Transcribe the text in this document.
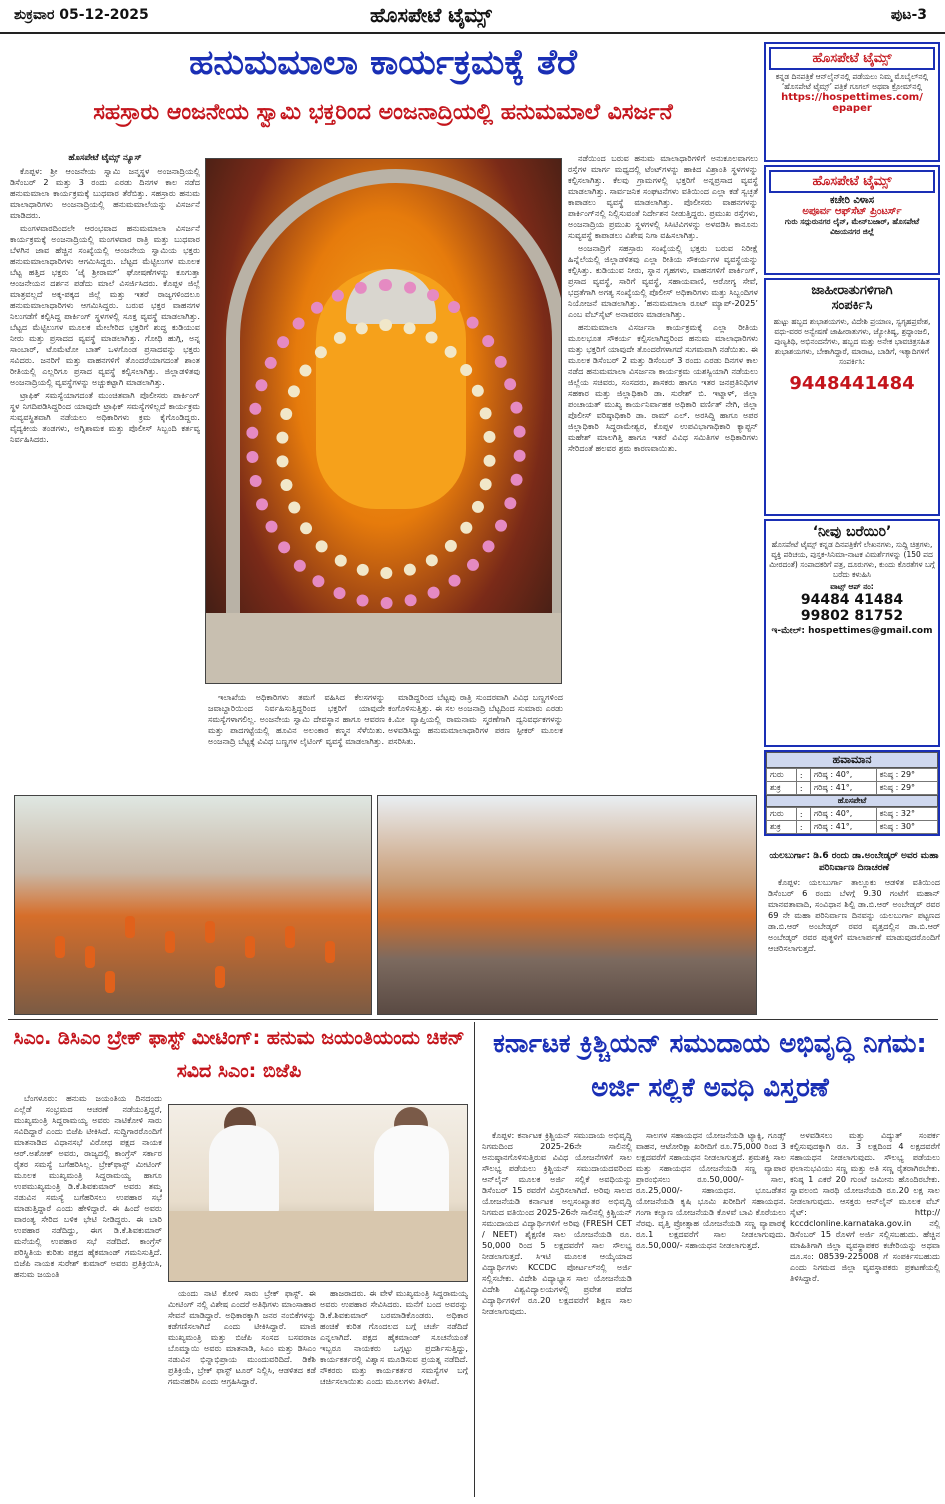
ಶುಕ್ರವಾರ 05-12-2025	ಹೊಸಪೇಟೆ ಟೈಮ್ಸ್	ಪುಟ-3
ಹನುಮಮಾಲಾ ಕಾರ್ಯಕ್ರಮಕ್ಕೆ ತೆರೆ
ಸಹಸ್ರಾರು ಆಂಜನೇಯ ಸ್ವಾಮಿ ಭಕ್ತರಿಂದ ಅಂಜನಾದ್ರಿಯಲ್ಲಿ ಹನುಮಮಾಲೆ ವಿಸರ್ಜನೆ
ಹೊಸಪೇಟೆ ಟೈಮ್ಸ್ ನ್ಯೂಸ್

ಕೊಪ್ಪಳ: ಶ್ರೀ ಆಂಜನೇಯ ಸ್ವಾಮಿ ಜನ್ಮಸ್ಥಳ ಅಂಜನಾದ್ರಿಯಲ್ಲಿ ಡಿಸೆಂಬರ್ 2 ಮತ್ತು 3 ರಂದು ಎರಡು ದಿನಗಳ ಕಾಲ ನಡೆದ ಹನುಮಮಾಲಾ ಕಾರ್ಯಕ್ರಮಕ್ಕೆ ಬುಧವಾರ ತೆರೆಬಿತ್ತು. ಸಹಸ್ರಾರು ಹನುಮ ಮಾಲಾಧಾರಿಗಳು ಅಂಜನಾದ್ರಿಯಲ್ಲಿ ಹನುಮಮಾಲೆಯನ್ನು ವಿಸರ್ಜನೆ ಮಾಡಿದರು.

ಮಂಗಳವಾರದಿಂದಲೇ ಆರಂಭವಾದ ಹನುಮಮಾಲಾ ವಿಸರ್ಜನೆ ಕಾರ್ಯಕ್ರಮಕ್ಕೆ ಅಂಜನಾದ್ರಿಯಲ್ಲಿ ಮಂಗಳವಾರ ರಾತ್ರಿ ಮತ್ತು ಬುಧವಾರ ಬೆಳಗಿನ ಜಾವ ಹೆಚ್ಚಿನ ಸಂಖ್ಯೆಯಲ್ಲಿ ಆಂಜನೇಯ ಸ್ವಾಮಿಯ ಭಕ್ತರು ಹನುಮಮಾಲಾಧಾರಿಗಳು ಆಗಮಿಸಿದ್ದರು. ಬೆಟ್ಟದ ಮೆಟ್ಟಿಲುಗಳ ಮೂಲಕ ಬೆಟ್ಟ ಹತ್ತಿದ ಭಕ್ತರು ‘ಜೈ ಶ್ರೀರಾಮ್’ ಘೋಷಣೆಗಳನ್ನು ಕೂಗುತ್ತಾ ಆಂಜನೇಯನ ದರ್ಶನ ಪಡೆದು ಮಾಲೆ ವಿಸರ್ಜಿಸಿದರು. ಕೊಪ್ಪಳ ಜಿಲ್ಲೆ ಮಾತ್ರವಲ್ಲದೆ ಅಕ್ಕ-ಪಕ್ಕದ ಜಿಲ್ಲೆ ಮತ್ತು ಇತರೆ ರಾಜ್ಯಗಳಿಂದಲೂ ಹನುಮಮಾಲಾಧಾರಿಗಳು ಆಗಮಿಸಿದ್ದರು. ಬರುವ ಭಕ್ತರ ವಾಹನಗಳ ನಿಲುಗಡೆಗೆ ಕಲ್ಪಿಸಿದ್ದ ಪಾರ್ಕಿಂಗ್ ಸ್ಥಳಗಳಲ್ಲಿ ಸೂಕ್ತ ವ್ಯವಸ್ಥೆ ಮಾಡಲಾಗಿತ್ತು. ಬೆಟ್ಟದ ಮೆಟ್ಟಿಲುಗಳ ಮೂಲಕ ಮೇಲೇರಿದ ಭಕ್ತರಿಗೆ ಶುದ್ಧ ಕುಡಿಯುವ ನೀರು ಮತ್ತು ಪ್ರಸಾದದ ವ್ಯವಸ್ಥೆ ಮಾಡಲಾಗಿತ್ತು. ಗೋಧಿ ಹುಗ್ಗಿ, ಅನ್ನ ಸಾಂಬಾರ್, ಟೊಮೆಟೋ ಬಾತ್ ಒಳಗೊಂಡ ಪ್ರಸಾದವನ್ನು ಭಕ್ತರು ಸವಿದರು. ಜನರಿಗೆ ಮತ್ತು ವಾಹನಗಳಿಗೆ ತೊಂದರೆಯಾಗದಂತೆ ಶಾಂತ ರೀತಿಯಲ್ಲಿ ಎಲ್ಲರಿಗೂ ಪ್ರಸಾದ ವ್ಯವಸ್ಥೆ ಕಲ್ಪಿಸಲಾಗಿತ್ತು. ಜಿಲ್ಲಾಡಳಿತವು ಅಂಜನಾದ್ರಿಯಲ್ಲಿ ವ್ಯವಸ್ಥೆಗಳನ್ನು ಅಚ್ಚುಕಟ್ಟಾಗಿ ಮಾಡಲಾಗಿತ್ತು.

ಟ್ರಾಫಿಕ್ ಸಮಸ್ಯೆಯಾಗದಂತೆ ಮುಂಚಿತವಾಗಿ ಪೊಲೀಸರು ಪಾರ್ಕಿಂಗ್ ಸ್ಥಳ ನಿಗದಿಪಡಿಸಿದ್ದರಿಂದ ಯಾವುದೇ ಟ್ರಾಫಿಕ್ ಸಮಸ್ಯೆಗಳಿಲ್ಲದೆ ಕಾರ್ಯಕ್ರಮ ಸುವ್ಯವಸ್ಥಿತವಾಗಿ ನಡೆಯಲು ಅಧಿಕಾರಿಗಳು ಕ್ರಮ ಕೈಗೊಂಡಿದ್ದರು. ವೈದ್ಯಕೀಯ ತಂಡಗಳು, ಅಗ್ನಿಶಾಮಕ ಮತ್ತು ಪೊಲೀಸ್ ಸಿಬ್ಬಂದಿ ಕರ್ತವ್ಯ ನಿರ್ವಹಿಸಿದರು.

ಇಲಾಖೆಯ ಅಧಿಕಾರಿಗಳು ತಮಗೆ ವಹಿಸಿದ ಕೆಲಸಗಳನ್ನು ಜವಾಬ್ದಾರಿಯಿಂದ ನಿರ್ವಹಿಸುತ್ತಿದ್ದರಿಂದ ಭಕ್ತರಿಗೆ ಯಾವುದೇ ಸಮಸ್ಯೆಗಳಾಗಲಿಲ್ಲ. ಅಂಜನೇಯ ಸ್ವಾಮಿ ದೇವಸ್ಥಾನ ಹಾಗೂ ಆವರಣ ಮತ್ತು ಪಾದಗಟ್ಟೆಯಲ್ಲಿ ಹೂವಿನ ಅಲಂಕಾರ ಕಣ್ಮನ ಸೆಳೆಯಿತು. ಅಂಜನಾದ್ರಿ ಬೆಟ್ಟಕ್ಕೆ ವಿವಿಧ ಬಣ್ಣಗಳ ಲೈಟಿಂಗ್ ವ್ಯವಸ್ಥೆ ಮಾಡಲಾಗಿತ್ತು.

ಮಾಡಿದ್ದರಿಂದ ಬೆಟ್ಟವು ರಾತ್ರಿ ಸುಂದರವಾಗಿ ವಿವಿಧ ಬಣ್ಣಗಳಿಂದ ಕಂಗೊಳಿಸುತ್ತಿತ್ತು. ಈ ಸಲ ಅಂಜನಾದ್ರಿ ಬೆಟ್ಟದಿಂದ ಸುಮಾರು ಎರಡು ಕಿ.ಮೀ ವ್ಯಾಪ್ತಿಯಲ್ಲಿ ರಾಮನಾಮ ಸ್ಮರಣೆಗಾಗಿ ದ್ವನಿವರ್ಧಕಗಳನ್ನು ಅಳವಡಿಸಿದ್ದು ಹನುಮಮಾಲಾಧಾರಿಗಳ ಪಠಣ ಸ್ಪೀಕರ್ ಮೂಲಕ ಪಸರಿಸಿತು.

ನಡೆಯಿಂದ ಬರುವ ಹನುಮ ಮಾಲಾಧಾರಿಗಳಿಗೆ ಅನುಕೂಲವಾಗಲು ರಸ್ತೆಗಳ ಮಾರ್ಗ ಮಧ್ಯದಲ್ಲಿ ಟೆಂಟ್‌ಗಳನ್ನು ಹಾಕಿದ ವಿಶ್ರಾಂತಿ ಸ್ಥಳಗಳನ್ನು ಕಲ್ಪಿಸಲಾಗಿತ್ತು. ಕೆಲವು ಗ್ರಾಮಗಳಲ್ಲಿ ಭಕ್ತರಿಗೆ ಅನ್ನಪ್ರಸಾದ ವ್ಯವಸ್ಥೆ ಮಾಡಲಾಗಿತ್ತು. ಸಾರ್ವಜನಿಕ ಸಂಘಟನೆಗಳು ವತಿಯಿಂದ ಎಲ್ಲಾ ಕಡೆ ಸ್ವಚ್ಛತೆ ಕಾಪಾಡಲು ವ್ಯವಸ್ಥೆ ಮಾಡಲಾಗಿತ್ತು. ಪೊಲೀಸರು ವಾಹನಗಳನ್ನು ಪಾರ್ಕಿಂಗ್‌ನಲ್ಲಿ ನಿಲ್ಲಿಸುವಂತೆ ನಿರ್ದೇಶನ ನೀಡುತ್ತಿದ್ದರು. ಪ್ರಮುಖ ರಸ್ತೆಗಳು, ಅಂಜನಾದ್ರಿಯ ಪ್ರಮುಖ ಸ್ಥಳಗಳಲ್ಲಿ ಸಿಸಿಟಿವಿಗಳನ್ನು ಅಳವಡಿಸಿ ಕಾನೂನು ಸುವ್ಯವಸ್ಥೆ ಕಾಪಾಡಲು ವಿಶೇಷ ನಿಗಾ ವಹಿಸಲಾಗಿತ್ತು.

ಅಂಜನಾದ್ರಿಗೆ ಸಹಸ್ರಾರು ಸಂಖ್ಯೆಯಲ್ಲಿ ಭಕ್ತರು ಬರುವ ನಿರೀಕ್ಷೆ ಹಿನ್ನೆಲೆಯಲ್ಲಿ ಜಿಲ್ಲಾಡಳಿತವು ಎಲ್ಲಾ ರೀತಿಯ ಸೌಕರ್ಯಗಳ ವ್ಯವಸ್ಥೆಯನ್ನು ಕಲ್ಪಿಸಿತ್ತು. ಕುಡಿಯುವ ನೀರು, ಸ್ನಾನ ಗೃಹಗಳು, ವಾಹನಗಳಿಗೆ ಪಾರ್ಕಿಂಗ್, ಪ್ರಸಾದ ವ್ಯವಸ್ಥೆ, ಸಾರಿಗೆ ವ್ಯವಸ್ಥೆ, ಸಹಾಯವಾಣಿ, ಆರೋಗ್ಯ ಸೇವೆ, ಭದ್ರತೆಗಾಗಿ ಅಗತ್ಯ ಸಂಖ್ಯೆಯಲ್ಲಿ ಪೊಲೀಸ್ ಅಧಿಕಾರಿಗಳು ಮತ್ತು ಸಿಬ್ಬಂದಿಗಳ ನಿಯೋಜನೆ ಮಾಡಲಾಗಿತ್ತು. ‘ಹನುಮಮಾಲಾ ರೂಟ್ ಮ್ಯಾಪ್-2025’ ಎಂಬ ವೆಬ್‌ಸೈಟ್ ಅನಾವರಣ ಮಾಡಲಾಗಿತ್ತು.

ಹನುಮಮಾಲಾ ವಿಸರ್ಜನಾ ಕಾರ್ಯಕ್ರಮಕ್ಕೆ ಎಲ್ಲಾ ರೀತಿಯ ಮೂಲಭೂತ ಸೌಕರ್ಯ ಕಲ್ಪಿಸಲಾಗಿದ್ದರಿಂದ ಹನುಮ ಮಾಲಾಧಾರಿಗಳು ಮತ್ತು ಭಕ್ತರಿಗೆ ಯಾವುದೇ ತೊಂದರೆಗಳಾಗದೆ ಸುಗಮವಾಗಿ ನಡೆಯಿತು. ಈ ಮೂಲಕ ಡಿಸೆಂಬರ್ 2 ಮತ್ತು ಡಿಸೆಂಬರ್ 3 ರಂದು ಎರಡು ದಿನಗಳ ಕಾಲ ನಡೆದ ಹನುಮಮಾಲಾ ವಿಸರ್ಜನಾ ಕಾರ್ಯಕ್ರಮ ಯಶಸ್ವಿಯಾಗಿ ನಡೆಯಲು ಜಿಲ್ಲೆಯ ಸಚಿವರು, ಸಂಸದರು, ಶಾಸಕರು ಹಾಗೂ ಇತರ ಜನಪ್ರತಿನಿಧಿಗಳ ಸಹಕಾರ ಮತ್ತು ಜಿಲ್ಲಾಧಿಕಾರಿ ಡಾ. ಸುರೇಶ್ ಬಿ. ಇಟ್ನಾಳ್, ಜಿಲ್ಲಾ ಪಂಚಾಯತ್ ಮುಖ್ಯ ಕಾರ್ಯನಿರ್ವಾಹಕ ಅಧಿಕಾರಿ ವರ್ಣಿತ್ ನೇಗಿ, ಜಿಲ್ಲಾ ಪೊಲೀಸ್ ವರಿಷ್ಠಾಧಿಕಾರಿ ಡಾ. ರಾಮ್ ಎಲ್. ಅರಸಿದ್ದಿ ಹಾಗೂ ಅಪರ ಜಿಲ್ಲಾಧಿಕಾರಿ ಸಿದ್ಧರಾಮೇಶ್ವರ, ಕೊಪ್ಪಳ ಉಪವಿಭಾಗಾಧಿಕಾರಿ ಕ್ಯಾಪ್ಟನ್ ಮಹೇಶ್ ಮಾಲಗಿತ್ತಿ ಹಾಗೂ ಇತರೆ ವಿವಿಧ ಸಮಿತಿಗಳ ಅಧಿಕಾರಿಗಳು ಸೇರಿದಂತೆ ಹಲವರ ಶ್ರಮ ಕಾರಣವಾಯಿತು.

ಹೊಸಪೇಟೆ ಟೈಮ್ಸ್
ಕನ್ನಡ ದಿನಪತ್ರಿಕೆ ಆನ್‌ಲೈನ್‌ನಲ್ಲಿ ಪಡೆಯಲು ನಿಮ್ಮ ಮೊಬೈಲ್‌ನಲ್ಲಿ ‘ಹೊಸಪೇಟೆ ಟೈಮ್ಸ್’ ಪತ್ರಿಕೆ ಗೂಗಲ್ ಅಥವಾ ಕ್ರೋಮ್‌ನಲ್ಲಿ
https://hospettimes.com/ epaper
ಹೊಸಪೇಟೆ ಟೈಮ್ಸ್
ಕಚೇರಿ ವಿಳಾಸ
ಅಪೂರ್ವ ಆಫ್‌ಸೆಟ್ ಪ್ರಿಂಟರ್ಸ್
ಗುರು ಸದ್ಗುರುನಗರ ಲೈನ್, ಮೇನ್‌ಬಜಾರ್, ಹೊಸಪೇಟೆ ವಿಜಯನಗರ ಜಿಲ್ಲೆ
ಜಾಹೀರಾತುಗಳಿಗಾಗಿ
ಸಂಪರ್ಕಿಸಿ
ಹುಟ್ಟು ಹಬ್ಬದ ಶುಭಾಶಯಗಳು, ವಿದೇಶಿ ಪ್ರಯಾಣ, ಸ್ವಗೃಹಪ್ರವೇಶ, ವಧು-ವರರ ಅನ್ವೇಷಣೆ ಜಾಹೀರಾತುಗಳು, ಜ್ಯೋತಿಷ್ಯ, ಶ್ರದ್ಧಾಂಜಲಿ, ಪುಣ್ಯತಿಥಿ, ಅಭಿನಂದನೆಗಳು, ಹಬ್ಬದ ಮತ್ತು ಅನೇಕ ಭಾವಚಿತ್ರಸಹಿತ ಶುಭಾಶಯಗಳು, ಬೇಕಾಗಿದ್ದಾರೆ, ಮಾರಾಟ, ಬಾಡಿಗೆ, ಇತ್ಯಾದಿಗಳಿಗೆ ಸಂಪರ್ಕಿಸಿ:
9448441484
‘ನೀವು ಬರೆಯಿರಿ’
ಹೊಸಪೇಟೆ ಟೈಮ್ಸ್ ಕನ್ನಡ ದಿನಪತ್ರಿಕೆಗೆ ಲೇಖನಗಳು, ಸುದ್ದಿ ಚಿತ್ರಗಳು, ವ್ಯಕ್ತಿ ಪರಿಚಯ, ಪುಸ್ತಕ-ಸಿನಿಮಾ-ನಾಟಕ ವಿಮರ್ಶೆಗಳನ್ನು (150 ಪದ ಮೀರದಂತೆ) ಸಂಪಾದಕರಿಗೆ ಪತ್ರ, ದೂರುಗಳು, ಕುಂದು ಕೊರತೆಗಳ ಬಗ್ಗೆ ಬರೆದು ಕಳುಹಿಸಿ
ವಾಟ್ಸ್ ಆಪ್ ನಂ:
94484 41484
99802 81752
ಇ-ಮೇಲ್: hospettimes@gmail.com
ಹವಾಮಾನ
ಗುರು	:	ಗರಿಷ್ಠ : 40°,	ಕನಿಷ್ಠ : 29°
ಶುಕ್ರ	:	ಗರಿಷ್ಠ : 41°,	ಕನಿಷ್ಠ : 29°
ಹೊಸಪೇಟೆ
ಗುರು	:	ಗರಿಷ್ಠ : 40°,	ಕನಿಷ್ಠ : 32°
ಶುಕ್ರ	:	ಗರಿಷ್ಠ : 41°,	ಕನಿಷ್ಠ : 30°
ಯಲಬುರ್ಗಾ: ಡಿ.6 ರಂದು ಡಾ.ಅಂಬೇಡ್ಕರ್ ಅವರ ಮಹಾ ಪರಿನಿರ್ವಾಣ ದಿನಾಚರಣೆ

ಕೊಪ್ಪಳ: ಯಲಬುರ್ಗಾ ತಾಲ್ಲೂಕು ಆಡಳಿತ ವತಿಯಿಂದ ಡಿಸೆಂಬರ್ 6 ರಂದು ಬೆಳಗ್ಗೆ 9.30 ಗಂಟೆಗೆ ಮಹಾನ್ ಮಾನವತಾವಾದಿ, ಸಂವಿಧಾನ ಶಿಲ್ಪಿ ಡಾ.ಬಿ.ಆರ್ ಅಂಬೇಡ್ಕರ್ ರವರ 69 ನೇ ಮಹಾ ಪರಿನಿರ್ವಾಣ ದಿನವನ್ನು ಯಲಬುರ್ಗಾ ಪಟ್ಟಣದ ಡಾ.ಬಿ.ಆರ್ ಅಂಬೇಡ್ಕರ್ ರವರ ವೃತ್ತದಲ್ಲಿನ ಡಾ.ಬಿ.ಆರ್ ಅಂಬೇಡ್ಕರ್ ರವರ ಪುತ್ಥಳಿಗೆ ಮಾಲಾರ್ಪಣೆ ಮಾಡುವುದರೊಂದಿಗೆ ಆಚರಿಸಲಾಗುತ್ತದೆ.

ಸಿಎಂ. ಡಿಸಿಎಂ ಬ್ರೇಕ್ ಫಾಸ್ಟ್ ಮೀಟಿಂಗ್: ಹನುಮ ಜಯಂತಿಯಂದು ಚಿಕನ್ ಸವಿದ ಸಿಎಂ: ಬಿಜೆಪಿ

ಬೆಂಗಳೂರು: ಹನುಮ ಜಯಂತಿಯ ದಿನದಂದು ಎಲ್ಲೆಡೆ ಸಂಭ್ರಮದ ಆಚರಣೆ ನಡೆಯುತ್ತಿದ್ದರೆ, ಮುಖ್ಯಮಂತ್ರಿ ಸಿದ್ದರಾಮಯ್ಯ ಅವರು ನಾಟಿಕೋಳಿ ಸಾರು ಸವಿದಿದ್ದಾರೆ ಎಂದು ಬಿಜೆಪಿ ಟೀಕಿಸಿದೆ. ಸುದ್ದಿಗಾರರೊಂದಿಗೆ ಮಾತನಾಡಿದ ವಿಧಾನಸಭೆ ವಿರೋಧ ಪಕ್ಷದ ನಾಯಕ ಆರ್.ಅಶೋಕ್ ಅವರು, ರಾಜ್ಯದಲ್ಲಿ ಕಾಂಗ್ರೆಸ್ ಸರ್ಕಾರ ರೈತರ ಸಮಸ್ಯೆ ಬಗೆಹರಿಸಿಲ್ಲ. ಬ್ರೇಕ್‌ಫಾಸ್ಟ್ ಮೀಟಿಂಗ್ ಮೂಲಕ ಮುಖ್ಯಮಂತ್ರಿ ಸಿದ್ದರಾಮಯ್ಯ ಹಾಗೂ ಉಪಮುಖ್ಯಮಂತ್ರಿ ಡಿ.ಕೆ.ಶಿವಕುಮಾರ್ ಅವರು ತಮ್ಮ ನಡುವಿನ ಸಮಸ್ಯೆ ಬಗೆಹರಿಸಲು ಉಪಹಾರ ಸಭೆ ಮಾಡುತ್ತಿದ್ದಾರೆ ಎಂದು ಹೇಳಿದ್ದಾರೆ. ಈ ಹಿಂದೆ ಅವರು ವಾರಂತ್ಯ ಸೇರಿದ ಬಳಿಕ ಭೇಟಿ ನೀಡಿದ್ದರು. ಈ ಬಾರಿ ಉಪಹಾರ ನಡೆದಿದ್ದು, ಈಗ ಡಿ.ಕೆ.ಶಿವಕುಮಾರ್ ಮನೆಯಲ್ಲಿ ಉಪಹಾರ ಸಭೆ ನಡೆದಿದೆ. ಕಾಂಗ್ರೆಸ್ ಪರಿಸ್ಥಿತಿಯ ಕುರಿತು ಪಕ್ಷದ ಹೈಕಮಾಂಡ್ ಗಮನಿಸುತ್ತಿದೆ. ಬಿಜೆಪಿ ನಾಯಕ ಸುರೇಶ್ ಕುಮಾರ್ ಅವರು ಪ್ರತಿಕ್ರಿಯಿಸಿ, ಹನುಮ ಜಯಂತಿ

ಯಂದು ನಾಟಿ ಕೋಳಿ ಸಾರು ಬ್ರೇಕ್ ಫಾಸ್ಟ್. ಈ ಮೀಟಿಂಗ್ ನಲ್ಲಿ ವಿಶೇಷ ಎಂದರೆ ಅತಿಥಿಗಳು ಮಾಂಸಾಹಾರ ಸೇವನೆ ಮಾಡಿದ್ದಾರೆ. ಅಧಿಕಾರಕ್ಕಾಗಿ ಜನರ ನಂಬಿಕೆಗಳನ್ನು ಕಡೆಗಣಿಸಲಾಗಿದೆ ಎಂದು ಟೀಕಿಸಿದ್ದಾರೆ. ಮಾಜಿ ಮುಖ್ಯಮಂತ್ರಿ ಮತ್ತು ಬಿಜೆಪಿ ಸಂಸದ ಬಸವರಾಜ ಬೊಮ್ಮಾಯಿ ಅವರು ಮಾತನಾಡಿ, ಸಿಎಂ ಮತ್ತು ಡಿಸಿಎಂ ನಡುವಿನ ಭಿನ್ನಾಭಿಪ್ರಾಯ ಮುಂದುವರಿದಿದೆ. ಡಿಕೆಶಿ ಪ್ರತಿಕ್ರಿಯೆ, ಬ್ರೇಕ್ ಫಾಸ್ಟ್ ಟೂರ್ ನಿಲ್ಲಿಸಿ, ಆಡಳಿತದ ಕಡೆ ಗಮನಹರಿಸಿ ಎಂದು ಆಗ್ರಹಿಸಿದ್ದಾರೆ.

ಹಾಜರಾದರು. ಈ ವೇಳೆ ಮುಖ್ಯಮಂತ್ರಿ ಸಿದ್ದರಾಮಯ್ಯ ಅವರು ಉಪಹಾರ ಸೇವಿಸಿದರು. ಮನೆಗೆ ಬಂದ ಅವರನ್ನು ಡಿ.ಕೆ.ಶಿವಕುಮಾರ್ ಬರಮಾಡಿಕೊಂಡರು. ಅಧಿಕಾರ ಹಂಚಿಕೆ ಕುರಿತ ಗೊಂದಲದ ಬಗ್ಗೆ ಚರ್ಚೆ ನಡೆದಿದೆ ಎನ್ನಲಾಗಿದೆ. ಪಕ್ಷದ ಹೈಕಮಾಂಡ್ ಸೂಚನೆಯಂತೆ ಇಬ್ಬರೂ ನಾಯಕರು ಒಗ್ಗಟ್ಟು ಪ್ರದರ್ಶಿಸುತ್ತಿದ್ದು, ಕಾರ್ಯಕರ್ತರಲ್ಲಿ ವಿಶ್ವಾಸ ಮೂಡಿಸುವ ಪ್ರಯತ್ನ ನಡೆದಿದೆ. ನೌಕರರು ಮತ್ತು ಕಾರ್ಯಕರ್ತರ ಸಮಸ್ಯೆಗಳ ಬಗ್ಗೆ ಚರ್ಚಿಸಲಾಯಿತು ಎಂದು ಮೂಲಗಳು ತಿಳಿಸಿವೆ.

ಕರ್ನಾಟಕ ಕ್ರಿಶ್ಚಿಯನ್ ಸಮುದಾಯ ಅಭಿವೃದ್ಧಿ ನಿಗಮ: ಅರ್ಜಿ ಸಲ್ಲಿಕೆ ಅವಧಿ ವಿಸ್ತರಣೆ

ಕೊಪ್ಪಳ: ಕರ್ನಾಟಕ ಕ್ರಿಶ್ಚಿಯನ್ ಸಮುದಾಯ ಅಭಿವೃದ್ಧಿ ನಿಗಮದಿಂದ 2025-26ನೇ ಸಾಲಿನಲ್ಲಿ ಅನುಷ್ಠಾನಗೊಳಿಸುತ್ತಿರುವ ವಿವಿಧ ಯೋಜನೆಗಳಿಗೆ ಸಾಲ ಸೌಲಭ್ಯ ಪಡೆಯಲು ಕ್ರಿಶ್ಚಿಯನ್ ಸಮುದಾಯದವರಿಂದ ಆನ್‌ಲೈನ್ ಮೂಲಕ ಅರ್ಜಿ ಸಲ್ಲಿಕೆ ಅವಧಿಯನ್ನು ಡಿಸೆಂಬರ್ 15 ರವರೆಗೆ ವಿಸ್ತರಿಸಲಾಗಿದೆ. ಅರಿವು ಸಾಲದ ಯೋಜನೆಯಡಿ ಕರ್ನಾಟಕ ಅಲ್ಪಸಂಖ್ಯಾತರ ಅಭಿವೃದ್ಧಿ ನಿಗಮದ ವತಿಯಿಂದ 2025-26ನೇ ಸಾಲಿನಲ್ಲಿ ಕ್ರಿಶ್ಚಿಯನ್ ಸಮುದಾಯದ ವಿದ್ಯಾರ್ಥಿಗಳಿಗೆ ಅರಿವು (FRESH CET / NEET) ಶೈಕ್ಷಣಿಕ ಸಾಲ ಯೋಜನೆಯಡಿ ರೂ. 50,000 ರಿಂದ 5 ಲಕ್ಷದವರೆಗೆ ಸಾಲ ಸೌಲಭ್ಯ ನೀಡಲಾಗುತ್ತದೆ. ಸಿಇಟಿ ಮೂಲಕ ಆಯ್ಕೆಯಾದ ವಿದ್ಯಾರ್ಥಿಗಳು KCCDC ಪೋರ್ಟಲ್‌ನಲ್ಲಿ ಅರ್ಜಿ ಸಲ್ಲಿಸಬೇಕು. ವಿದೇಶಿ ವಿದ್ಯಾಭ್ಯಾಸ ಸಾಲ ಯೋಜನೆಯಡಿ ವಿದೇಶಿ ವಿಶ್ವವಿದ್ಯಾಲಯಗಳಲ್ಲಿ ಪ್ರವೇಶ ಪಡೆದ ವಿದ್ಯಾರ್ಥಿಗಳಿಗೆ ರೂ.20 ಲಕ್ಷದವರೆಗೆ ಶಿಕ್ಷಣ ಸಾಲ ನೀಡಲಾಗುವುದು.

ಸಾಲಗಳ ಸಹಾಯಧನ ಯೋಜನೆಯಡಿ ಟ್ಯಾಕ್ಸಿ, ಗೂಡ್ಸ್ ವಾಹನ, ಆಟೋರಿಕ್ಷಾ ಖರೀದಿಗೆ ರೂ.75,000 ರಿಂದ 3 ಲಕ್ಷದವರೆಗೆ ಸಹಾಯಧನ ನೀಡಲಾಗುತ್ತದೆ. ಶ್ರಮಶಕ್ತಿ ಸಾಲ ಮತ್ತು ಸಹಾಯಧನ ಯೋಜನೆಯಡಿ ಸಣ್ಣ ವ್ಯಾಪಾರ ಪ್ರಾರಂಭಿಸಲು ರೂ.50,000/- ಸಾಲ, ರೂ.25,000/- ಸಹಾಯಧನ. ಭೂಒಡೆತನ ಯೋಜನೆಯಡಿ ಕೃಷಿ ಭೂಮಿ ಖರೀದಿಗೆ ಸಹಾಯಧನ. ಗಂಗಾ ಕಲ್ಯಾಣ ಯೋಜನೆಯಡಿ ಕೊಳವೆ ಬಾವಿ ಕೊರೆಯಲು ನೆರವು. ವೃತ್ತಿ ಪ್ರೋತ್ಸಾಹ ಯೋಜನೆಯಡಿ ಸಣ್ಣ ವ್ಯಾಪಾರಕ್ಕೆ ರೂ.1 ಲಕ್ಷದವರೆಗೆ ಸಾಲ ನೀಡಲಾಗುವುದು. ರೂ.50,000/- ಸಹಾಯಧನ ನೀಡಲಾಗುತ್ತದೆ.

ಅಳವಡಿಸಲು ಮತ್ತು ವಿದ್ಯುತ್ ಸಂಪರ್ಕ ಕಲ್ಪಿಸುವುದಕ್ಕಾಗಿ ರೂ. 3 ಲಕ್ಷದಿಂದ 4 ಲಕ್ಷದವರೆಗೆ ಸಹಾಯಧನ ನೀಡಲಾಗುವುದು. ಸೌಲಭ್ಯ ಪಡೆಯಲು ಫಲಾನುಭವಿಯು ಸಣ್ಣ ಮತ್ತು ಅತಿ ಸಣ್ಣ ರೈತರಾಗಿರಬೇಕು. ಕನಿಷ್ಠ 1 ಎಕರೆ 20 ಗುಂಟೆ ಜಮೀನು ಹೊಂದಿರಬೇಕು. ಸ್ವಾವಲಂಬಿ ಸಾರಥಿ ಯೋಜನೆಯಡಿ ರೂ.20 ಲಕ್ಷ ಸಾಲ ನೀಡಲಾಗುವುದು. ಆಸಕ್ತರು ಆನ್‌ಲೈನ್ ಮೂಲಕ ವೆಬ್ ಸೈಟ್: http:// kccdclonline.karnataka.gov.in ನಲ್ಲಿ ಡಿಸೆಂಬರ್ 15 ರೊಳಗೆ ಅರ್ಜಿ ಸಲ್ಲಿಸಬಹುದು. ಹೆಚ್ಚಿನ ಮಾಹಿತಿಗಾಗಿ ಜಿಲ್ಲಾ ವ್ಯವಸ್ಥಾಪಕರ ಕಚೇರಿಯನ್ನು ಅಥವಾ ದೂ.ಸಂ: 08539-225008 ಗೆ ಸಂಪರ್ಕಿಸಬಹುದು ಎಂದು ನಿಗಮದ ಜಿಲ್ಲಾ ವ್ಯವಸ್ಥಾಪಕರು ಪ್ರಕಟಣೆಯಲ್ಲಿ ತಿಳಿಸಿದ್ದಾರೆ.
